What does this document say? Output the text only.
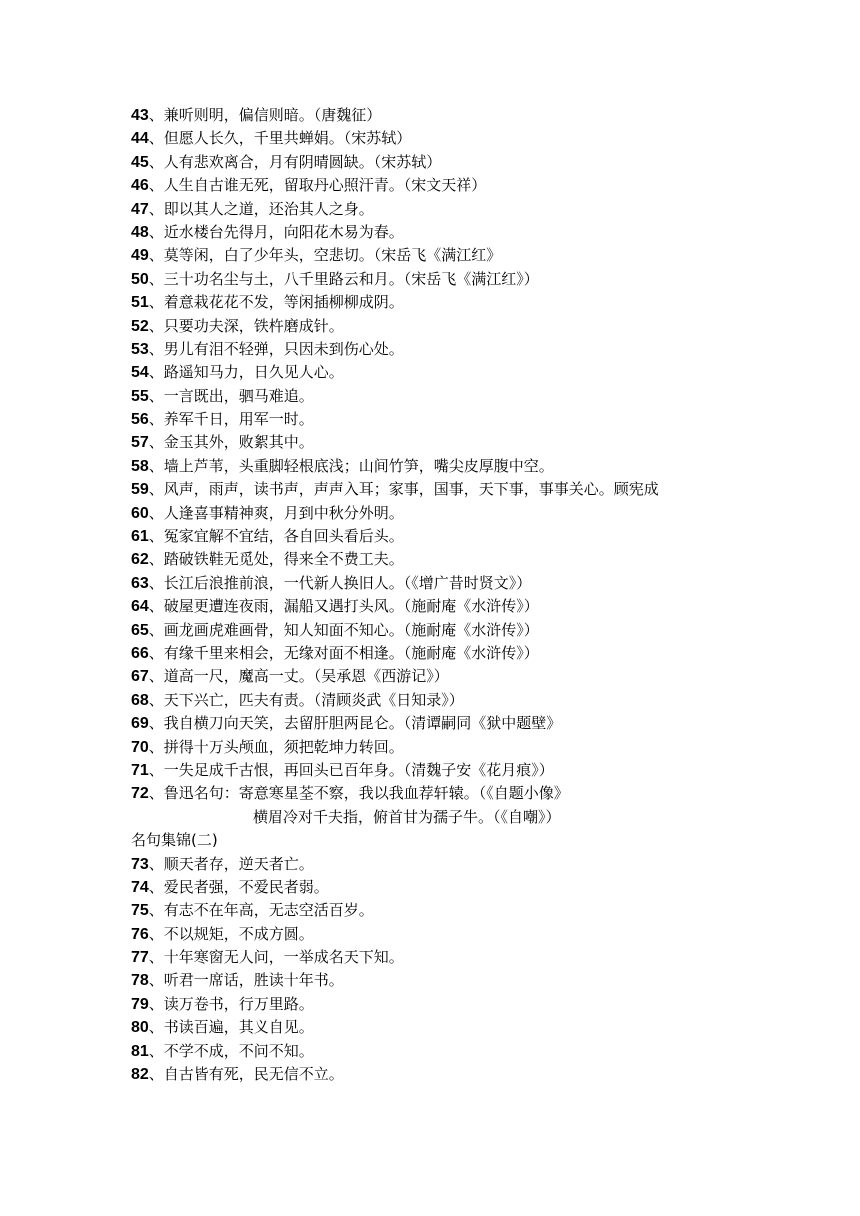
43、兼听则明，偏信则暗。（唐魏征）
44、但愿人长久，千里共蝉娟。（宋苏轼）
45、人有悲欢离合，月有阴晴圆缺。（宋苏轼）
46、人生自古谁无死，留取丹心照汗青。（宋文天祥）
47、即以其人之道，还治其人之身。
48、近水楼台先得月，向阳花木易为春。
49、莫等闲，白了少年头，空悲切。（宋岳飞《满江红》
50、三十功名尘与土，八千里路云和月。（宋岳飞《满江红》）
51、着意栽花花不发，等闲插柳柳成阴。
52、只要功夫深，铁杵磨成针。
53、男儿有泪不轻弹，只因未到伤心处。
54、路遥知马力，日久见人心。
55、一言既出，驷马难追。
56、养军千日，用军一时。
57、金玉其外，败絮其中。
58、墙上芦苇，头重脚轻根底浅；山间竹笋，嘴尖皮厚腹中空。
59、风声，雨声，读书声，声声入耳；家事，国事，天下事，事事关心。顾宪成
60、人逢喜事精神爽，月到中秋分外明。
61、冤家宜解不宜结，各自回头看后头。
62、踏破铁鞋无觅处，得来全不费工夫。
63、长江后浪推前浪，一代新人换旧人。（《增广昔时贤文》）
64、破屋更遭连夜雨，漏船又遇打头风。（施耐庵《水浒传》）
65、画龙画虎难画骨，知人知面不知心。（施耐庵《水浒传》）
66、有缘千里来相会，无缘对面不相逢。（施耐庵《水浒传》）
67、道高一尺，魔高一丈。（吴承恩《西游记》）
68、天下兴亡，匹夫有责。（清顾炎武《日知录》）
69、我自横刀向天笑，去留肝胆两昆仑。（清谭嗣同《狱中题壁》
70、拼得十万头颅血，须把乾坤力转回。
71、一失足成千古恨，再回头已百年身。（清魏子安《花月痕》）
72、鲁迅名句：寄意寒星荃不察，我以我血荐轩辕。（《自题小像》
横眉冷对千夫指，俯首甘为孺子牛。（《自嘲》）
名句集锦(二)
73、顺天者存，逆天者亡。
74、爱民者强，不爱民者弱。
75、有志不在年高，无志空活百岁。
76、不以规矩，不成方圆。
77、十年寒窗无人问，一举成名天下知。
78、听君一席话，胜读十年书。
79、读万卷书，行万里路。
80、书读百遍，其义自见。
81、不学不成，不问不知。
82、自古皆有死，民无信不立。
